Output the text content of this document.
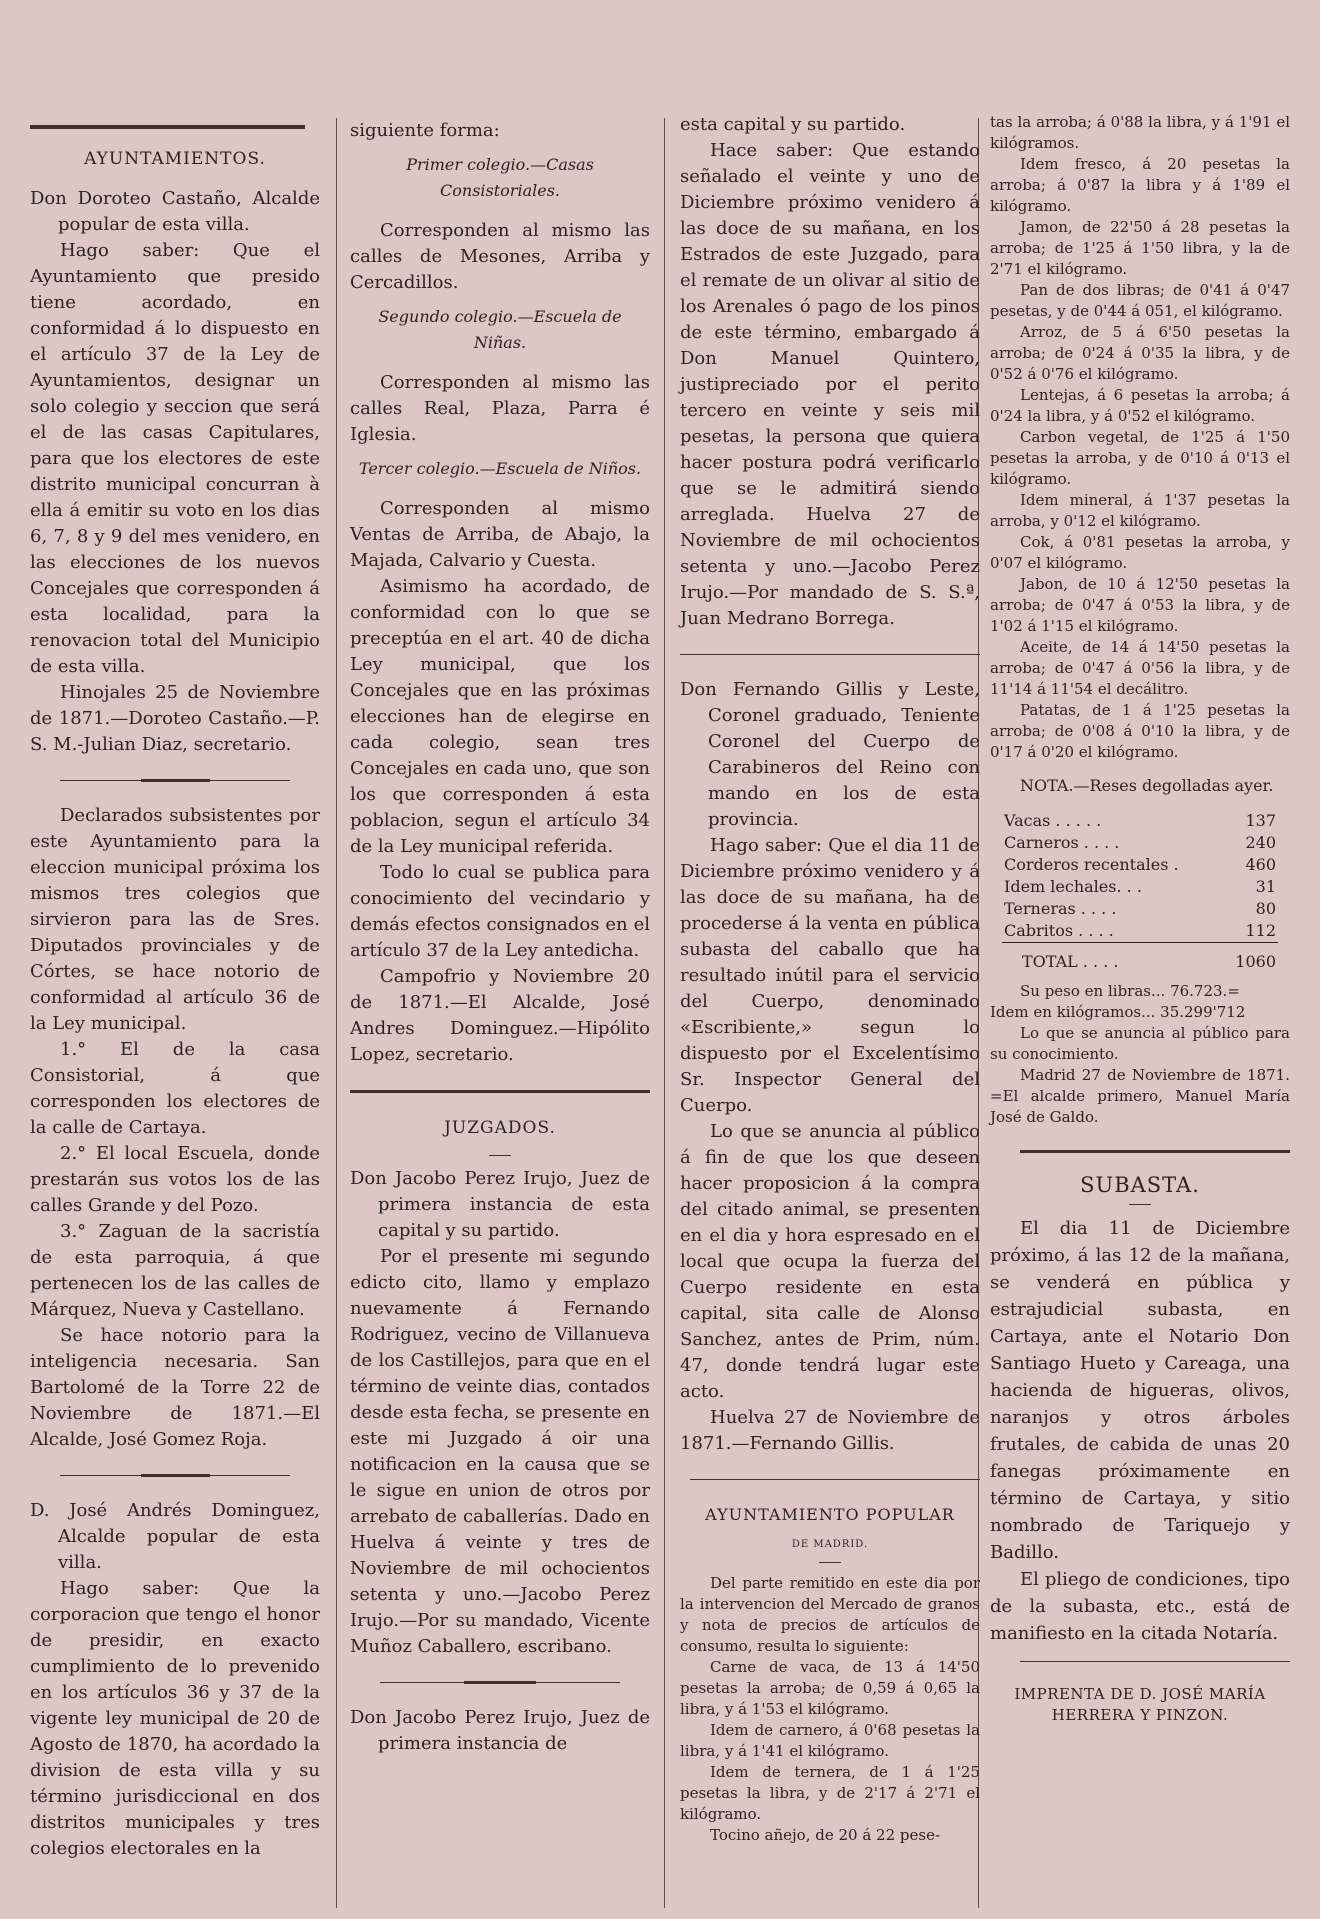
AYUNTAMIENTOS.

Don Doroteo Castaño, Alcalde popular de esta villa.

Hago saber: Que el Ayuntamiento que presido tiene acordado, en conformidad á lo dispuesto en el artículo 37 de la Ley de Ayuntamientos, designar un solo colegio y seccion que será el de las casas Capitulares, para que los electores de este distrito municipal concurran à ella á emitir su voto en los dias 6, 7, 8 y 9 del mes venidero, en las elecciones de los nuevos Concejales que corresponden á esta localidad, para la renovacion total del Municipio de esta villa.

Hinojales 25 de Noviembre de 1871.—Doroteo Castaño.—P. S. M.-Julian Diaz, secretario.

Declarados subsistentes por este Ayuntamiento para la eleccion municipal próxima los mismos tres colegios que sirvieron para las de Sres. Diputados provinciales y de Córtes, se hace notorio de conformidad al artículo 36 de la Ley municipal.

1.° El de la casa Consistorial, á que corresponden los electores de la calle de Cartaya.

2.° El local Escuela, donde prestarán sus votos los de las calles Grande y del Pozo.

3.° Zaguan de la sacristía de esta parroquia, á que pertenecen los de las calles de Márquez, Nueva y Castellano.

Se hace notorio para la inteligencia necesaria. San Bartolomé de la Torre 22 de Noviembre de 1871.—El Alcalde, José Gomez Roja.

D. José Andrés Dominguez, Alcalde popular de esta villa.

Hago saber: Que la corporacion que tengo el honor de presidir, en exacto cumplimiento de lo prevenido en los artículos 36 y 37 de la vigente ley municipal de 20 de Agosto de 1870, ha acordado la division de esta villa y su término jurisdiccional en dos distritos municipales y tres colegios electorales en la

siguiente forma:

Primer colegio.—Casas Consistoriales.

Corresponden al mismo las calles de Mesones, Arriba y Cercadillos.

Segundo colegio.—Escuela de Niñas.

Corresponden al mismo las calles Real, Plaza, Parra é Iglesia.

Tercer colegio.—Escuela de Niños.

Corresponden al mismo Ventas de Arriba, de Abajo, la Majada, Calvario y Cuesta.

Asimismo ha acordado, de conformidad con lo que se preceptúa en el art. 40 de dicha Ley municipal, que los Concejales que en las próximas elecciones han de elegirse en cada colegio, sean tres Concejales en cada uno, que son los que corresponden á esta poblacion, segun el artículo 34 de la Ley municipal referida.

Todo lo cual se publica para conocimiento del vecindario y demás efectos consignados en el artículo 37 de la Ley antedicha.

Campofrio y Noviembre 20 de 1871.—El Alcalde, José Andres Dominguez.—Hipólito Lopez, secretario.

JUZGADOS.

Don Jacobo Perez Irujo, Juez de primera instancia de esta capital y su partido.

Por el presente mi segundo edicto cito, llamo y emplazo nuevamente á Fernando Rodriguez, vecino de Villanueva de los Castillejos, para que en el término de veinte dias, contados desde esta fecha, se presente en este mi Juzgado á oir una notificacion en la causa que se le sigue en union de otros por arrebato de caballerías. Dado en Huelva á veinte y tres de Noviembre de mil ochocientos setenta y uno.—Jacobo Perez Irujo.—Por su mandado, Vicente Muñoz Caballero, escribano.

Don Jacobo Perez Irujo, Juez de primera instancia de

esta capital y su partido.

Hace saber: Que estando señalado el veinte y uno de Diciembre próximo venidero á las doce de su mañana, en los Estrados de este Juzgado, para el remate de un olivar al sitio de los Arenales ó pago de los pinos de este término, embargado á Don Manuel Quintero, justipreciado por el perito tercero en veinte y seis mil pesetas, la persona que quiera hacer postura podrá verificarlo que se le admitirá siendo arreglada. Huelva 27 de Noviembre de mil ochocientos setenta y uno.—Jacobo Perez Irujo.—Por mandado de S. S.ª, Juan Medrano Borrega.

Don Fernando Gillis y Leste, Coronel graduado, Teniente Coronel del Cuerpo de Carabineros del Reino con mando en los de esta provincia.

Hago saber: Que el dia 11 de Diciembre próximo venidero y á las doce de su mañana, ha de procederse á la venta en pública subasta del caballo que ha resultado inútil para el servicio del Cuerpo, denominado «Escribiente,» segun lo dispuesto por el Excelentísimo Sr. Inspector General del Cuerpo.

Lo que se anuncia al público á fin de que los que deseen hacer proposicion á la compra del citado animal, se presenten en el dia y hora espresado en el local que ocupa la fuerza del Cuerpo residente en esta capital, sita calle de Alonso Sanchez, antes de Prim, núm. 47, donde tendrá lugar este acto.

Huelva 27 de Noviembre de 1871.—Fernando Gillis.

AYUNTAMIENTO POPULAR
DE MADRID.

Del parte remitido en este dia por la intervencion del Mercado de granos y nota de precios de artículos de consumo, resulta lo siguiente:

Carne de vaca, de 13 á 14'50 pesetas la arroba; de 0,59 á 0,65 la libra, y á 1'53 el kilógramo.

Idem de carnero, á 0'68 pesetas la libra, y á 1'41 el kilógramo.

Idem de ternera, de 1 á 1'25 pesetas la libra, y de 2'17 á 2'71 el kilógramo.

Tocino añejo, de 20 á 22 pese-

tas la arroba; á 0'88 la libra, y á 1'91 el kilógramos.

Idem fresco, á 20 pesetas la arroba; á 0'87 la libra y á 1'89 el kilógramo.

Jamon, de 22'50 á 28 pesetas la arroba; de 1'25 á 1'50 libra, y la de 2'71 el kilógramo.

Pan de dos libras; de 0'41 á 0'47 pesetas, y de 0'44 á 051, el kilógramo.

Arroz, de 5 á 6'50 pesetas la arroba; de 0'24 á 0'35 la libra, y de 0'52 á 0'76 el kilógramo.

Lentejas, á 6 pesetas la arroba; á 0'24 la libra, y á 0'52 el kilógramo.

Carbon vegetal, de 1'25 á 1'50 pesetas la arroba, y de 0'10 á 0'13 el kilógramo.

Idem mineral, á 1'37 pesetas la arroba, y 0'12 el kilógramo.

Cok, á 0'81 pesetas la arroba, y 0'07 el kilógramo.

Jabon, de 10 á 12'50 pesetas la arroba; de 0'47 á 0'53 la libra, y de 1'02 á 1'15 el kilógramo.

Aceite, de 14 á 14'50 pesetas la arroba; de 0'47 á 0'56 la libra, y de 11'14 á 11'54 el decálitro.

Patatas, de 1 á 1'25 pesetas la arroba; de 0'08 á 0'10 la libra, y de 0'17 á 0'20 el kilógramo.

NOTA.—Reses degolladas ayer.

Vacas . . . . .	137
Carneros . . . .	240
Corderos recentales .	460
Idem lechales. . .	31
Terneras . . . .	80
Cabritos . . . .	112
TOTAL . . . .	1060

Su peso en libras... 76.723.=

Idem en kilógramos... 35.299'712

Lo que se anuncia al público para su conocimiento.

Madrid 27 de Noviembre de 1871. =El alcalde primero, Manuel María José de Galdo.

SUBASTA.

El dia 11 de Diciembre próximo, á las 12 de la mañana, se venderá en pública y estrajudicial subasta, en Cartaya, ante el Notario Don Santiago Hueto y Careaga, una hacienda de higueras, olivos, naranjos y otros árboles frutales, de cabida de unas 20 fanegas próximamente en término de Cartaya, y sitio nombrado de Tariquejo y Badillo.

El pliego de condiciones, tipo de la subasta, etc., está de manifiesto en la citada Notaría.

IMPRENTA DE D. JOSÉ MARÍA HERRERA Y PINZON.
